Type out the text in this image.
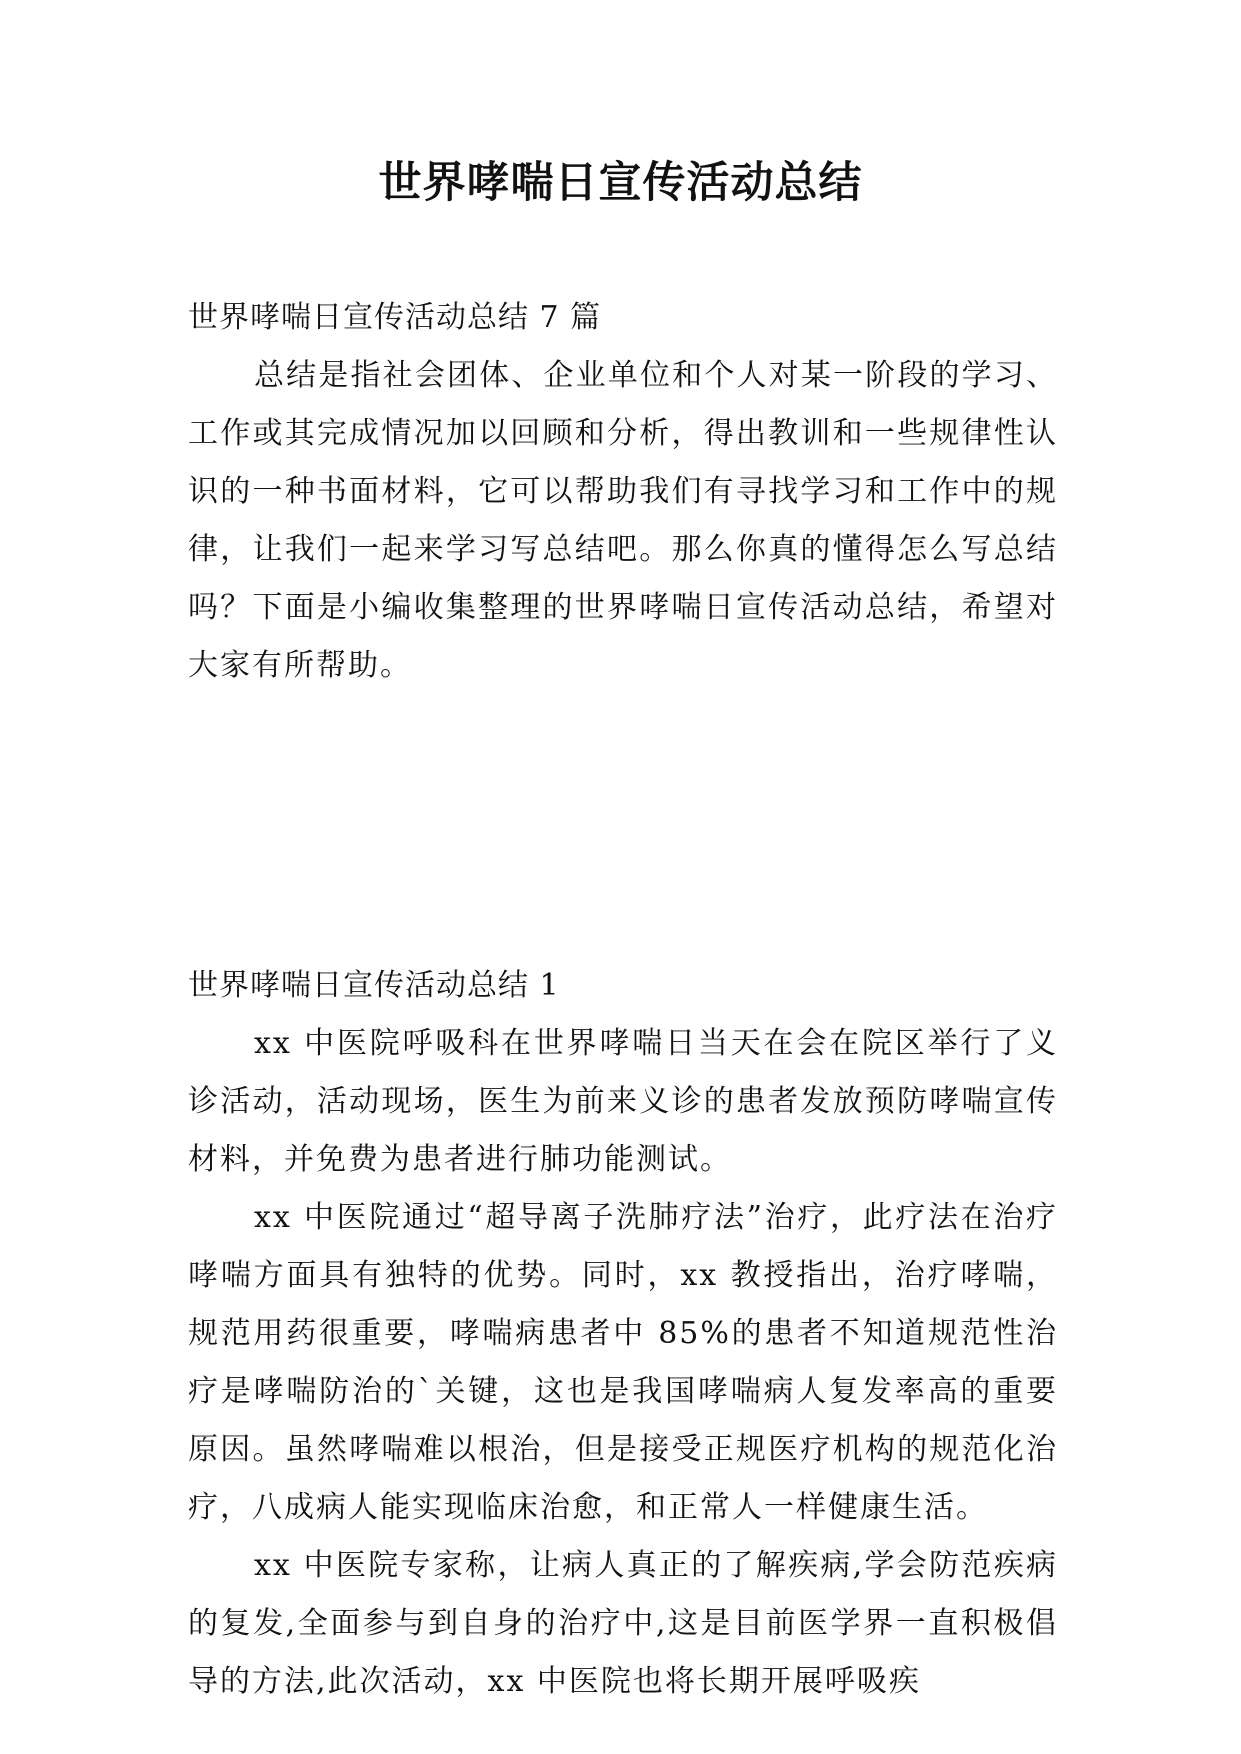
世界哮喘日宣传活动总结

世界哮喘日宣传活动总结 7 篇

总结是指社会团体、企业单位和个人对某一阶段的学习、工作或其完成情况加以回顾和分析，得出教训和一些规律性认识的一种书面材料，它可以帮助我们有寻找学习和工作中的规律，让我们一起来学习写总结吧。那么你真的懂得怎么写总结吗？下面是小编收集整理的世界哮喘日宣传活动总结，希望对大家有所帮助。

世界哮喘日宣传活动总结 1

xx 中医院呼吸科在世界哮喘日当天在会在院区举行了义诊活动，活动现场，医生为前来义诊的患者发放预防哮喘宣传材料，并免费为患者进行肺功能测试。

xx 中医院通过“超导离子洗肺疗法”治疗，此疗法在治疗哮喘方面具有独特的优势。同时，xx 教授指出，治疗哮喘，规范用药很重要，哮喘病患者中 85%的患者不知道规范性治疗是哮喘防治的`关键，这也是我国哮喘病人复发率高的重要原因。虽然哮喘难以根治，但是接受正规医疗机构的规范化治疗，八成病人能实现临床治愈，和正常人一样健康生活。

xx 中医院专家称，让病人真正的了解疾病,学会防范疾病的复发,全面参与到自身的治疗中,这是目前医学界一直积极倡导的方法,此次活动，xx 中医院也将长期开展呼吸疾
